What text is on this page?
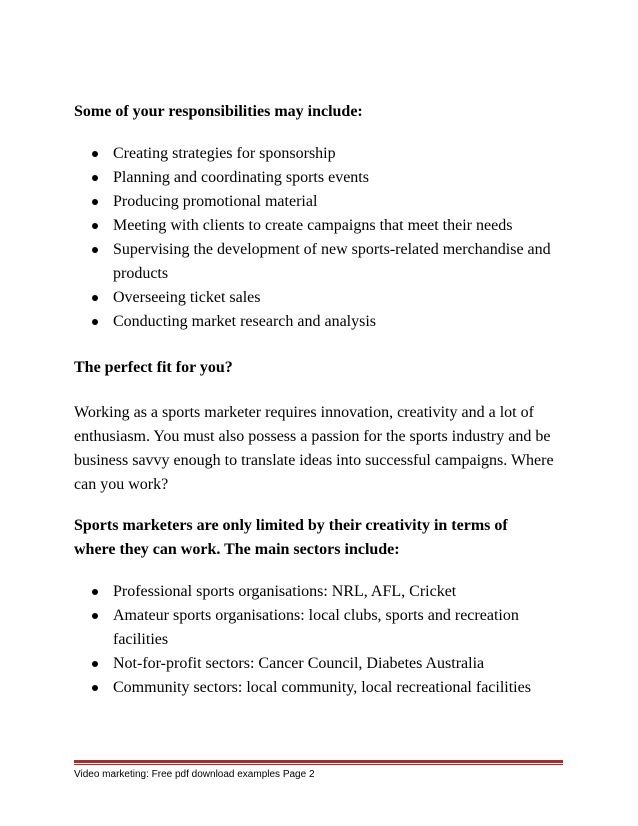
Some of your responsibilities may include:

Creating strategies for sponsorship
Planning and coordinating sports events
Producing promotional material
Meeting with clients to create campaigns that meet their needs
Supervising the development of new sports-related merchandise and products
Overseeing ticket sales
Conducting market research and analysis

The perfect fit for you?

Working as a sports marketer requires innovation, creativity and a lot of enthusiasm. You must also possess a passion for the sports industry and be business savvy enough to translate ideas into successful campaigns. Where can you work?

Sports marketers are only limited by their creativity in terms of

where they can work. The main sectors include:

Professional sports organisations: NRL, AFL, Cricket
Amateur sports organisations: local clubs, sports and recreation facilities
Not-for-profit sectors: Cancer Council, Diabetes Australia
Community sectors: local community, local recreational facilities
Video marketing: Free pdf download examples Page 2
